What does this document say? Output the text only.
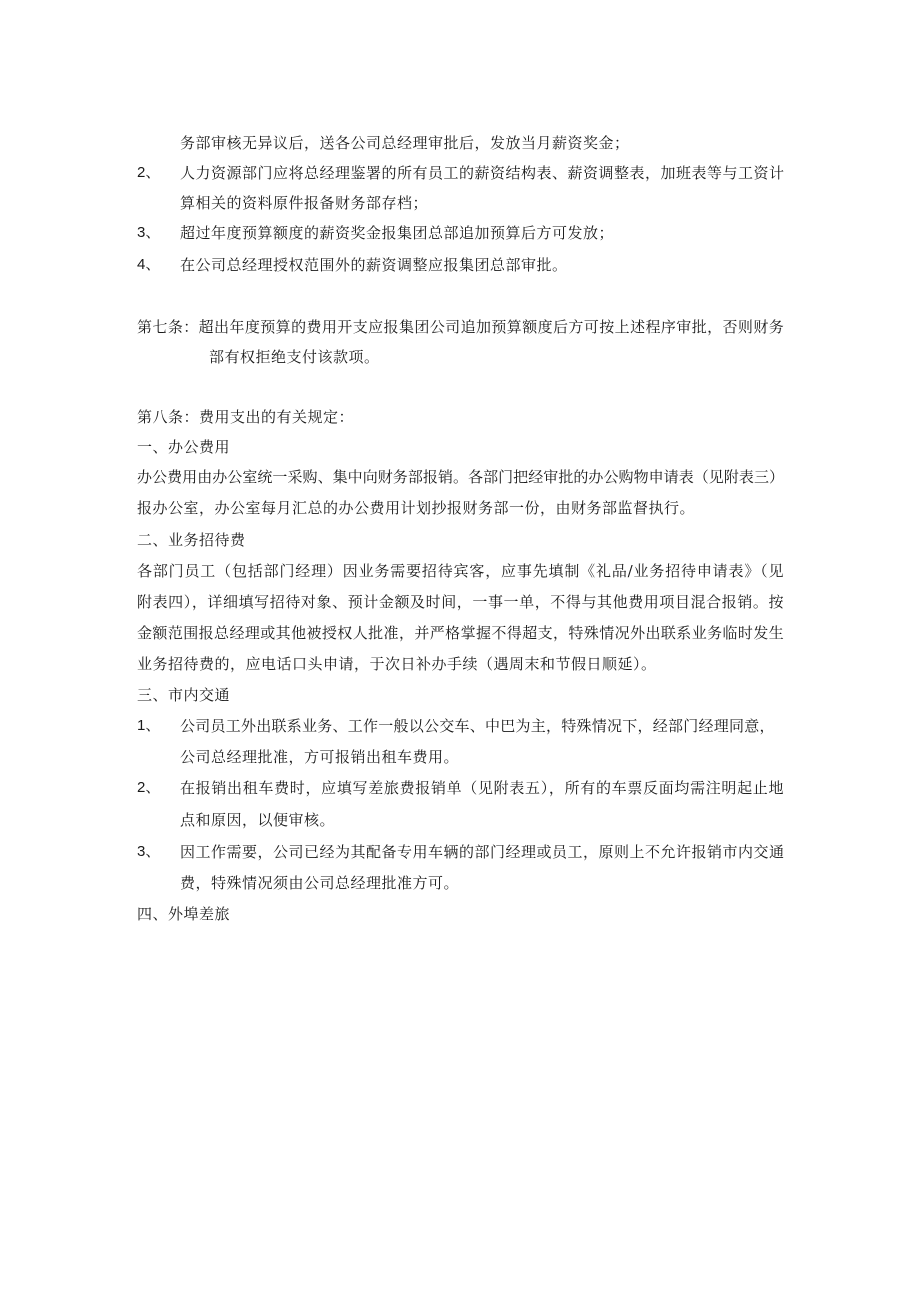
务部审核无异议后，送各公司总经理审批后，发放当月薪资奖金；
2、 人力资源部门应将总经理鉴署的所有员工的薪资结构表、薪资调整表，加班表等与工资计
算相关的资料原件报备财务部存档；
3、 超过年度预算额度的薪资奖金报集团总部追加预算后方可发放；
4、 在公司总经理授权范围外的薪资调整应报集团总部审批。
第七条：超出年度预算的费用开支应报集团公司追加预算额度后方可按上述程序审批，否则财务
部有权拒绝支付该款项。
第八条：费用支出的有关规定：
一、办公费用
办公费用由办公室统一采购、集中向财务部报销。各部门把经审批的办公购物申请表（见附表三）
报办公室，办公室每月汇总的办公费用计划抄报财务部一份，由财务部监督执行。
二、业务招待费
各部门员工（包括部门经理）因业务需要招待宾客，应事先填制《礼品/业务招待申请表》（见
附表四），详细填写招待对象、预计金额及时间，一事一单，不得与其他费用项目混合报销。按
金额范围报总经理或其他被授权人批准，并严格掌握不得超支，特殊情况外出联系业务临时发生
业务招待费的，应电话口头申请，于次日补办手续（遇周末和节假日顺延）。
三、市内交通
1、 公司员工外出联系业务、工作一般以公交车、中巴为主，特殊情况下，经部门经理同意，
公司总经理批准，方可报销出租车费用。
2、 在报销出租车费时，应填写差旅费报销单（见附表五），所有的车票反面均需注明起止地
点和原因，以便审核。
3、 因工作需要，公司已经为其配备专用车辆的部门经理或员工，原则上不允许报销市内交通
费，特殊情况须由公司总经理批准方可。
四、外埠差旅
